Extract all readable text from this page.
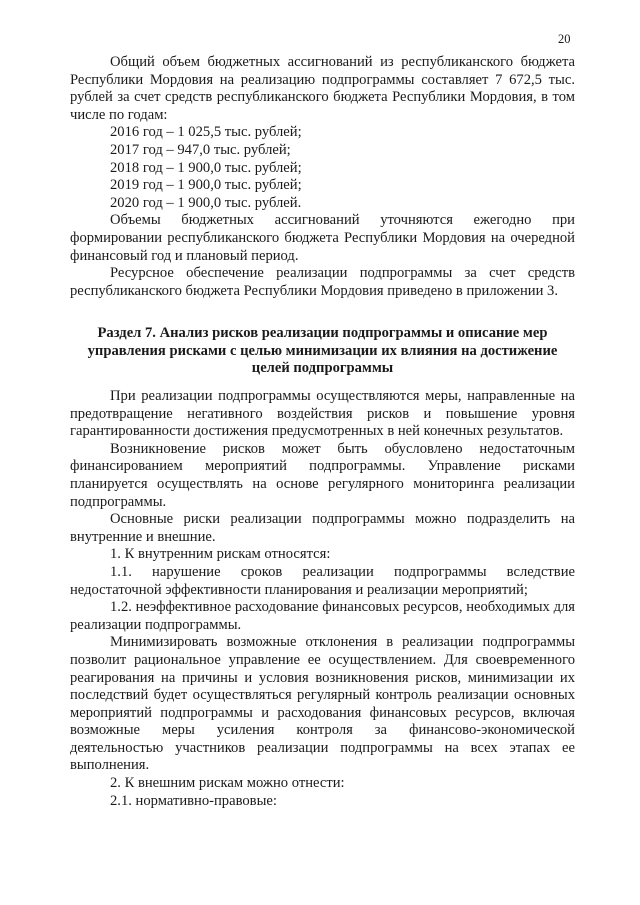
20

Общий объем бюджетных ассигнований из республиканского бюджета Республики Мордовия на реализацию подпрограммы составляет 7 672,5 тыс. рублей за счет средств республиканского бюджета Республики Мордовия, в том числе по годам:

2016 год – 1 025,5 тыс. рублей;

2017 год – 947,0 тыс. рублей;

2018 год – 1 900,0 тыс. рублей;

2019 год – 1 900,0 тыс. рублей;

2020 год – 1 900,0 тыс. рублей.

Объемы бюджетных ассигнований уточняются ежегодно при формировании республиканского бюджета Республики Мордовия на очередной финансовый год и плановый период.

Ресурсное обеспечение реализации подпрограммы за счет средств республиканского бюджета Республики Мордовия приведено в приложении 3.

Раздел 7. Анализ рисков реализации подпрограммы и описание мер управления рисками с целью минимизации их влияния на достижение целей подпрограммы

При реализации подпрограммы осуществляются меры, направленные на предотвращение негативного воздействия рисков и повышение уровня гарантированности достижения предусмотренных в ней конечных результатов.

Возникновение рисков может быть обусловлено недостаточным финансированием мероприятий подпрограммы. Управление рисками планируется осуществлять на основе регулярного мониторинга реализации подпрограммы.

Основные риски реализации подпрограммы можно подразделить на внутренние и внешние.

1. К внутренним рискам относятся:

1.1. нарушение сроков реализации подпрограммы вследствие недостаточной эффективности планирования и реализации мероприятий;

1.2. неэффективное расходование финансовых ресурсов, необходимых для реализации подпрограммы.

Минимизировать возможные отклонения в реализации подпрограммы позволит рациональное управление ее осуществлением. Для своевременного реагирования на причины и условия возникновения рисков, минимизации их последствий будет осуществляться регулярный контроль реализации основных мероприятий подпрограммы и расходования финансовых ресурсов, включая возможные меры усиления контроля за финансово-экономической деятельностью участников реализации подпрограммы на всех этапах ее выполнения.

2. К внешним рискам можно отнести:

2.1. нормативно-правовые:
